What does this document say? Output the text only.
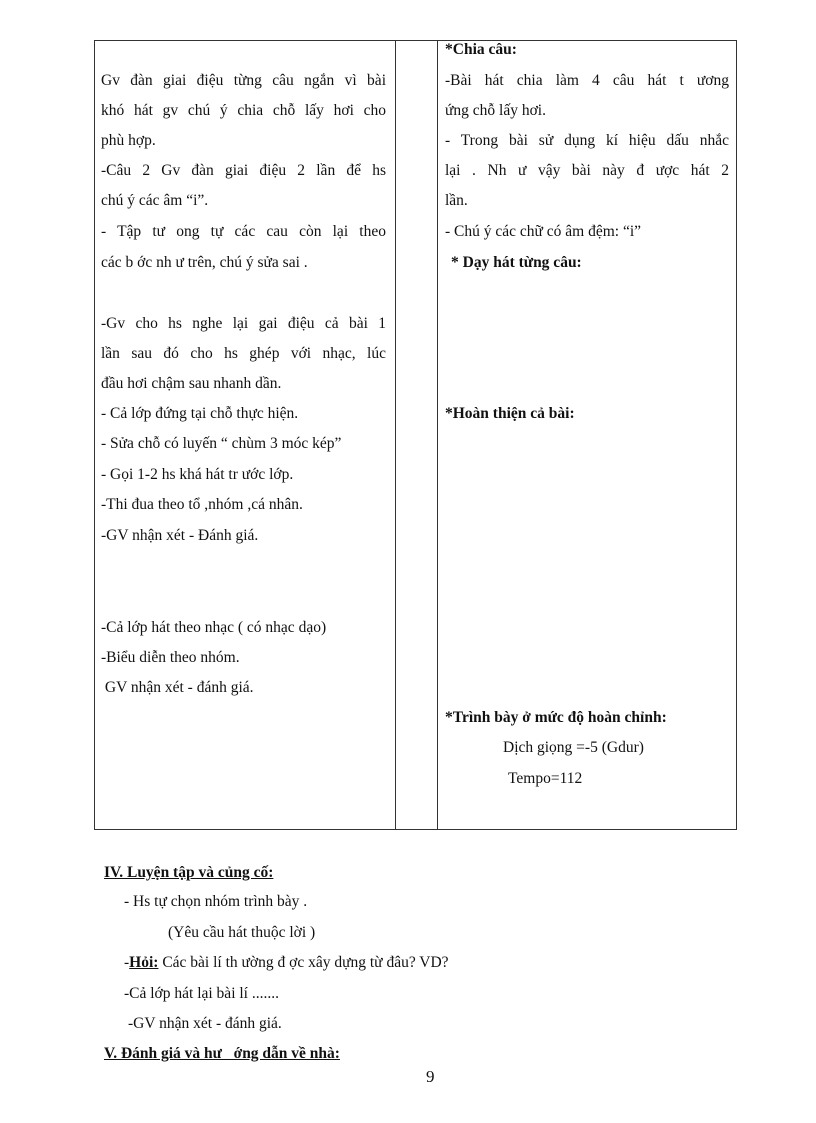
Gv đàn giai điệu từng câu ngắn vì bài
khó hát gv chú ý chia chỗ lấy hơi cho
phù hợp.
-Câu 2 Gv đàn giai điệu 2 lần để hs
chú ý các âm “i”.
- Tập tư ong tự các cau còn lại theo
các b ớc nh ư trên, chú ý sửa sai .
-Gv cho hs nghe lại gai điệu cả bài 1
lần sau đó cho hs ghép với nhạc, lúc
đầu hơi chậm sau nhanh dần.
- Cả lớp đứng tại chỗ thực hiện.
- Sửa chỗ có luyến “ chùm 3 móc kép”
- Gọi 1-2 hs khá hát tr ước lớp.
-Thi đua theo tổ ,nhóm ,cá nhân.
-GV nhận xét - Đánh giá.
-Cả lớp hát theo nhạc ( có nhạc dạo)
-Biểu diễn theo nhóm.
GV nhận xét - đánh giá.
*Chia câu:
-Bài hát chia làm 4 câu hát t ương
ứng chỗ lấy hơi.
- Trong bài sử dụng kí hiệu dấu nhắc
lại . Nh ư vậy bài này đ ược hát 2
lần.
- Chú ý các chữ có âm đệm: “i”
* Dạy hát từng câu:
*Hoàn thiện cả bài:
*Trình bày ở mức độ hoàn chỉnh:
Dịch giọng =-5 (Gdur)
Tempo=112
IV. Luyện tập và củng cố:
- Hs tự chọn nhóm trình bày .
(Yêu cầu hát thuộc lời )
-Hỏi: Các bài lí th ường đ ợc xây dựng từ đâu? VD?
-Cả lớp hát lại bài lí .......
-GV nhận xét - đánh giá.
V. Đánh giá và hư   ớng dẫn về nhà:
9
